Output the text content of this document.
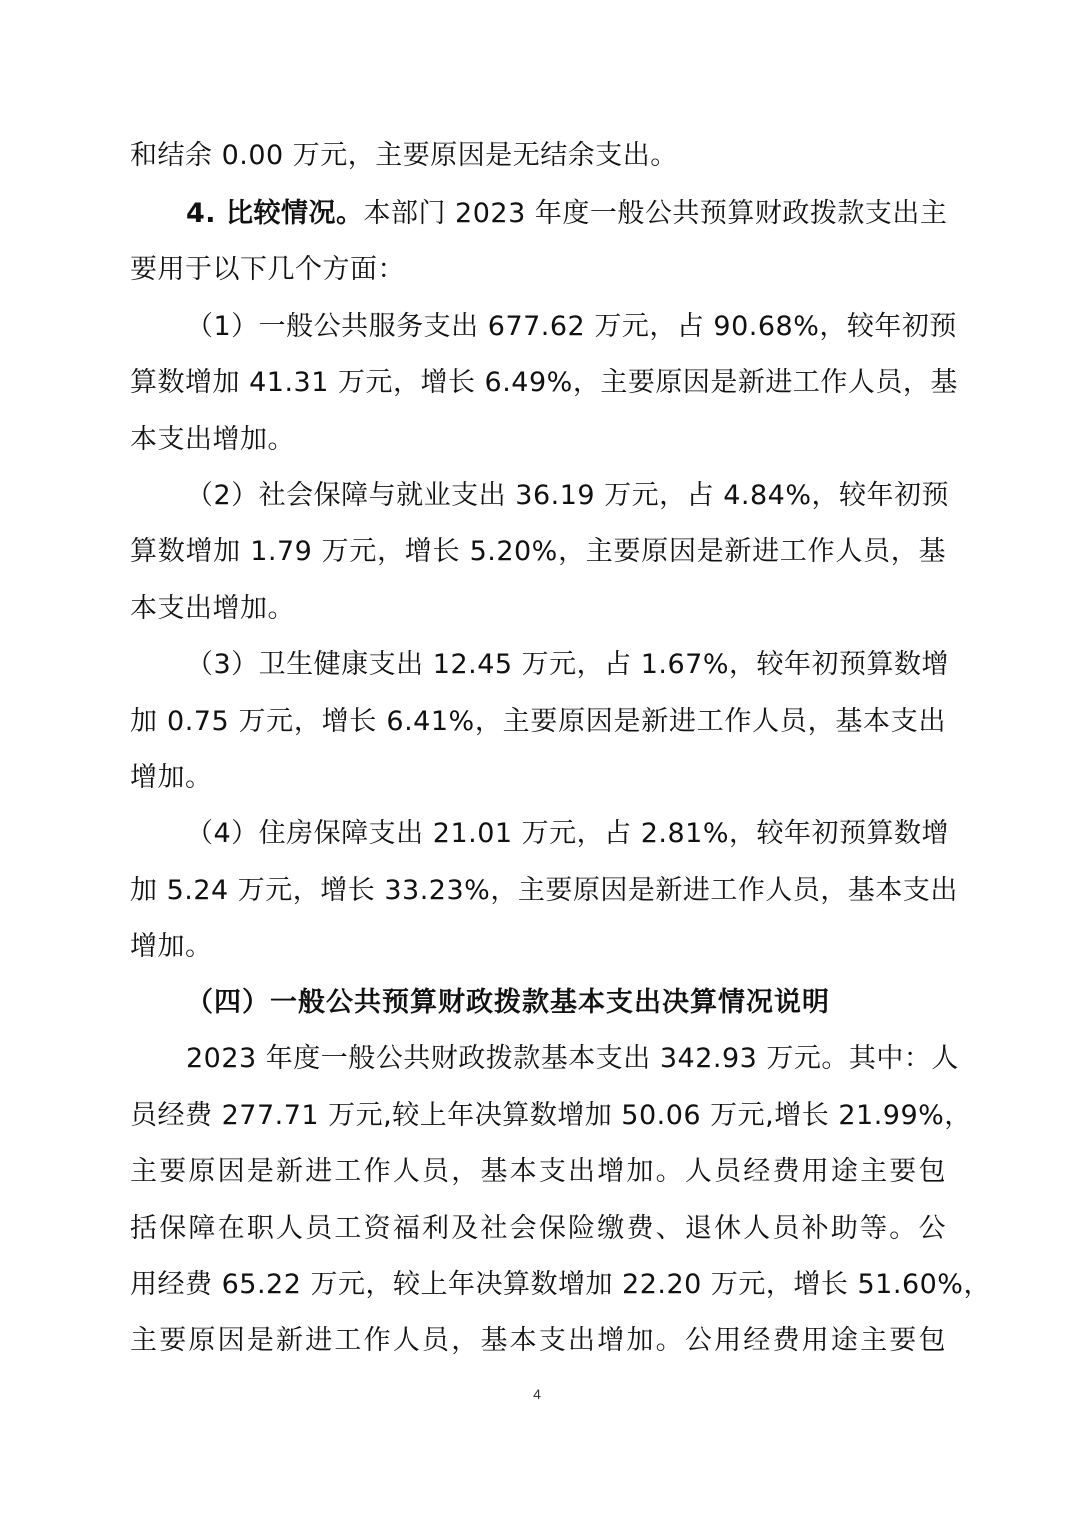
和结余 0.00 万元，主要原因是无结余支出。
4. 比较情况。本部门 2023 年度一般公共预算财政拨款支出主
要用于以下几个方面：
（1）一般公共服务支出 677.62 万元，占 90.68%，较年初预
算数增加 41.31 万元，增长 6.49%，主要原因是新进工作人员，基
本支出增加。
（2）社会保障与就业支出 36.19 万元，占 4.84%，较年初预
算数增加 1.79 万元，增长 5.20%，主要原因是新进工作人员，基
本支出增加。
（3）卫生健康支出 12.45 万元，占 1.67%，较年初预算数增
加 0.75 万元，增长 6.41%，主要原因是新进工作人员，基本支出
增加。
（4）住房保障支出 21.01 万元，占 2.81%，较年初预算数增
加 5.24 万元，增长 33.23%，主要原因是新进工作人员，基本支出
增加。
（四）一般公共预算财政拨款基本支出决算情况说明
2023 年度一般公共财政拨款基本支出 342.93 万元。其中：人
员经费 277.71 万元,较上年决算数增加 50.06 万元,增长 21.99%，
主要原因是新进工作人员，基本支出增加。人员经费用途主要包
括保障在职人员工资福利及社会保险缴费、退休人员补助等。公
用经费 65.22 万元，较上年决算数增加 22.20 万元，增长 51.60%，
主要原因是新进工作人员，基本支出增加。公用经费用途主要包
4
